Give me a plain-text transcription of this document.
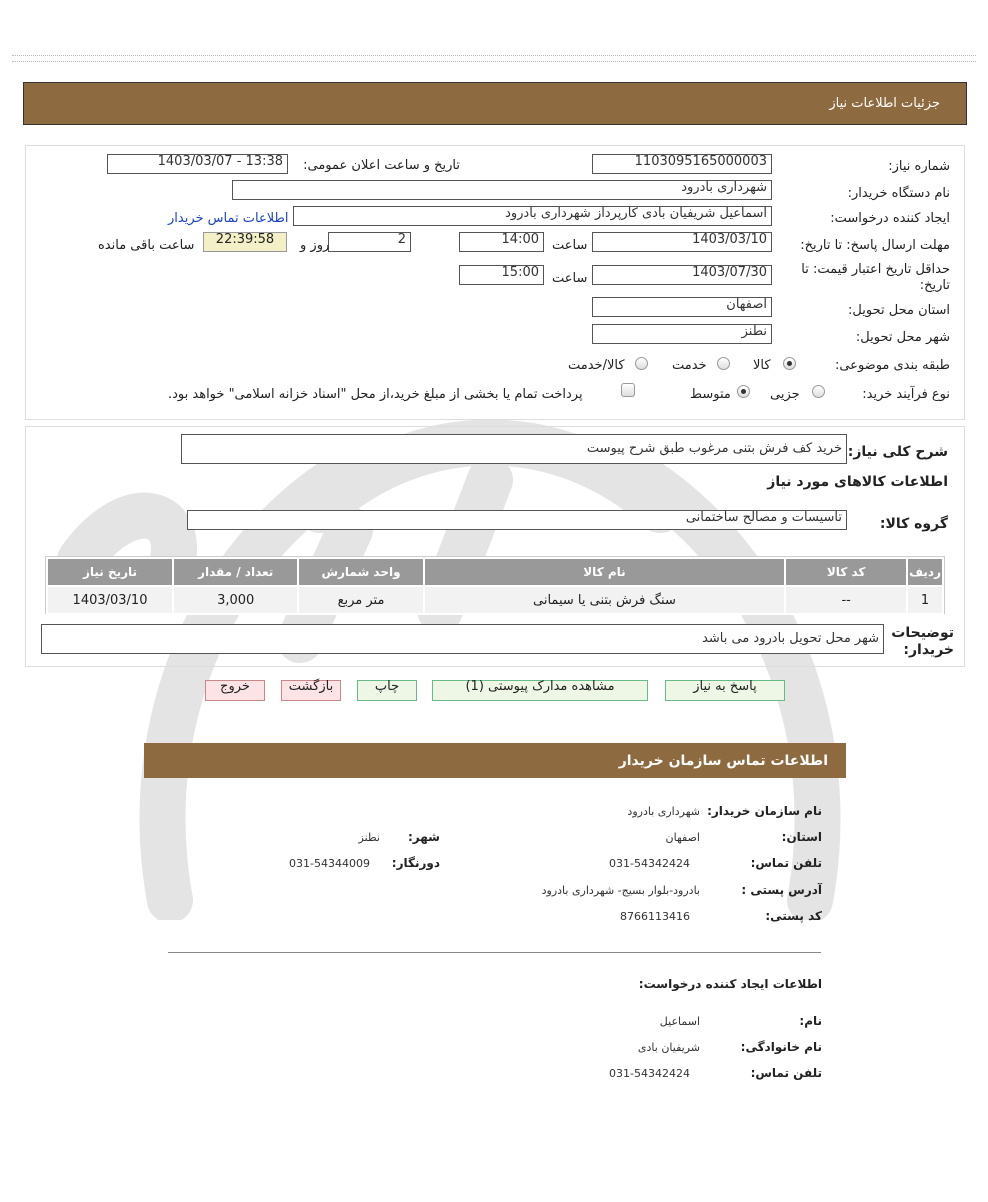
جزئیات اطلاعات نیاز
شماره نیاز:
1103095165000003
تاریخ و ساعت اعلان عمومی:
1403/03/07 - 13:38
نام دستگاه خریدار:
شهرداری بادرود
ایجاد کننده درخواست:
اسماعیل شریفیان بادی کارپرداز شهرداری بادرود
اطلاعات تماس خریدار
مهلت ارسال پاسخ: تا تاریخ:
1403/03/10
ساعت
14:00
2
روز و
22:39:58
ساعت باقی مانده
حداقل تاریخ اعتبار قیمت: تا تاریخ:
1403/07/30
ساعت
15:00
استان محل تحویل:
اصفهان
شهر محل تحویل:
نطنز
طبقه بندی موضوعی:
کالا
خدمت
کالا/خدمت
نوع فرآیند خرید:
جزیی
متوسط
پرداخت تمام یا بخشی از مبلغ خرید،از محل "اسناد خزانه اسلامی" خواهد بود.
شرح کلی نیاز:
خرید کف فرش بتنی مرغوب طبق شرح پیوست
اطلاعات کالاهای مورد نیاز
گروه کالا:
تاسیسات و مصالح ساختمانی
ردیف	کد کالا	نام کالا	واحد شمارش	تعداد / مقدار	تاریخ نیاز
1	--	سنگ فرش بتنی یا سیمانی	متر مربع	3,000	1403/03/10
توضیحات خریدار:
شهر محل تحویل بادرود می باشد
پاسخ به نیاز
مشاهده مدارک پیوستی (1)
چاپ
بازگشت
خروج
اطلاعات تماس سازمان خریدار
نام سازمان خریدار:
شهرداری بادرود
استان:
اصفهان
شهر:
نطنز
تلفن تماس:
031-54342424
دورنگار:
031-54344009
آدرس پستی :
بادرود-بلوار بسیج- شهرداری بادرود
کد پستی:
8766113416
اطلاعات ایجاد کننده درخواست:
نام:
اسماعیل
نام خانوادگی:
شریفیان بادی
تلفن تماس:
031-54342424
